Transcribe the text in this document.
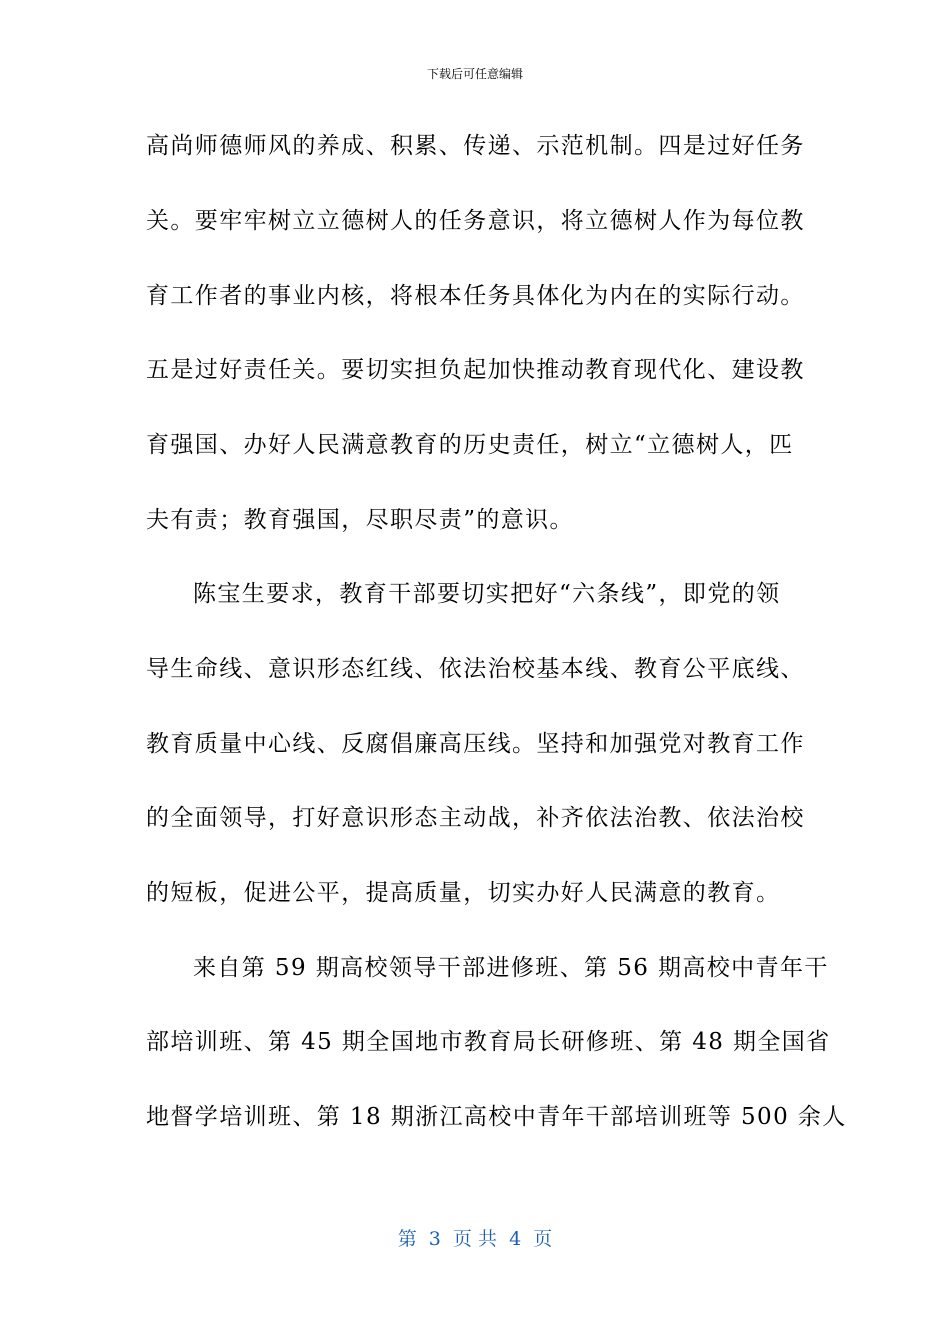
下载后可任意编辑
高尚师德师风的养成、积累、传递、示范机制。四是过好任务
关。要牢牢树立立德树人的任务意识，将立德树人作为每位教
育工作者的事业内核，将根本任务具体化为内在的实际行动。
五是过好责任关。要切实担负起加快推动教育现代化、建设教
育强国、办好人民满意教育的历史责任，树立“立德树人，匹
夫有责；教育强国，尽职尽责”的意识。
陈宝生要求，教育干部要切实把好“六条线”，即党的领
导生命线、意识形态红线、依法治校基本线、教育公平底线、
教育质量中心线、反腐倡廉高压线。坚持和加强党对教育工作
的全面领导，打好意识形态主动战，补齐依法治教、依法治校
的短板，促进公平，提高质量，切实办好人民满意的教育。
来自第 59 期高校领导干部进修班、第 56 期高校中青年干
部培训班、第 45 期全国地市教育局长研修班、第 48 期全国省
地督学培训班、第 18 期浙江高校中青年干部培训班等 500 余人
第  3  页 共  4  页
